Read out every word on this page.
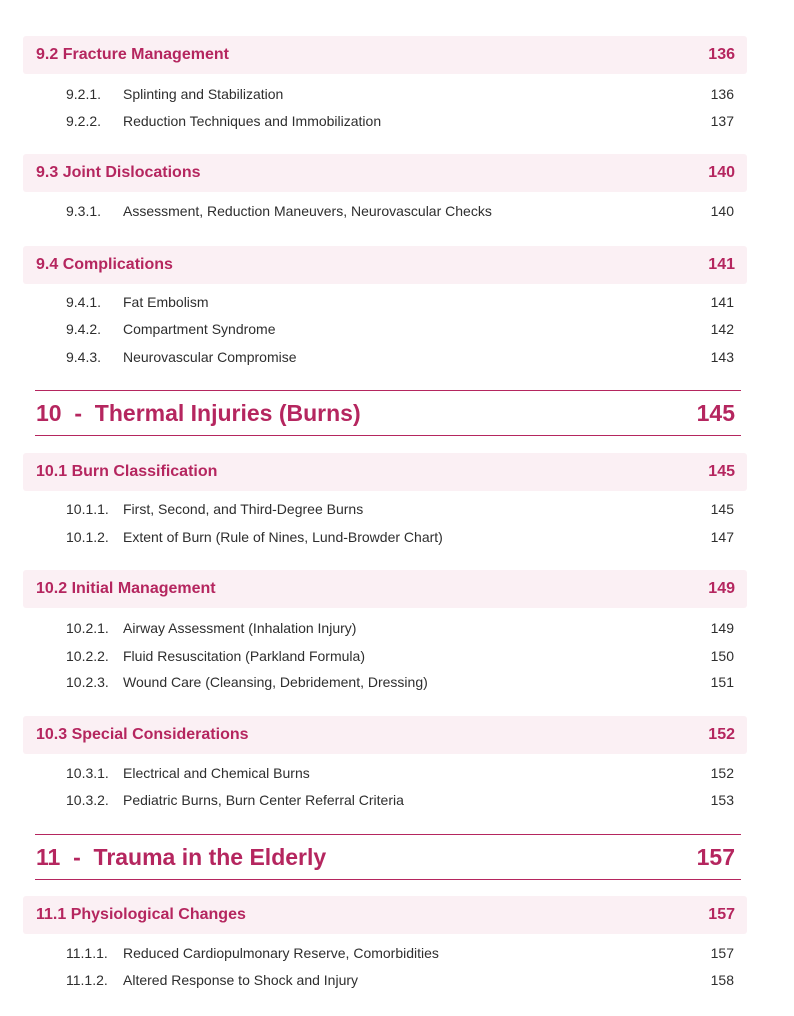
9.2 Fracture Management	136
9.2.1.	Splinting and Stabilization	136
9.2.2.	Reduction Techniques and Immobilization	137
9.3 Joint Dislocations	140
9.3.1.	Assessment, Reduction Maneuvers, Neurovascular Checks	140
9.4 Complications	141
9.4.1.	Fat Embolism	141
9.4.2.	Compartment Syndrome	142
9.4.3.	Neurovascular Compromise	143
10  -  Thermal Injuries (Burns)	145
10.1 Burn Classification	145
10.1.1.	First, Second, and Third-Degree Burns	145
10.1.2.	Extent of Burn (Rule of Nines, Lund-Browder Chart)	147
10.2 Initial Management	149
10.2.1.	Airway Assessment (Inhalation Injury)	149
10.2.2.	Fluid Resuscitation (Parkland Formula)	150
10.2.3.	Wound Care (Cleansing, Debridement, Dressing)	151
10.3 Special Considerations	152
10.3.1.	Electrical and Chemical Burns	152
10.3.2.	Pediatric Burns, Burn Center Referral Criteria	153
11  -  Trauma in the Elderly	157
11.1 Physiological Changes	157
11.1.1.	Reduced Cardiopulmonary Reserve, Comorbidities	157
11.1.2.	Altered Response to Shock and Injury	158
